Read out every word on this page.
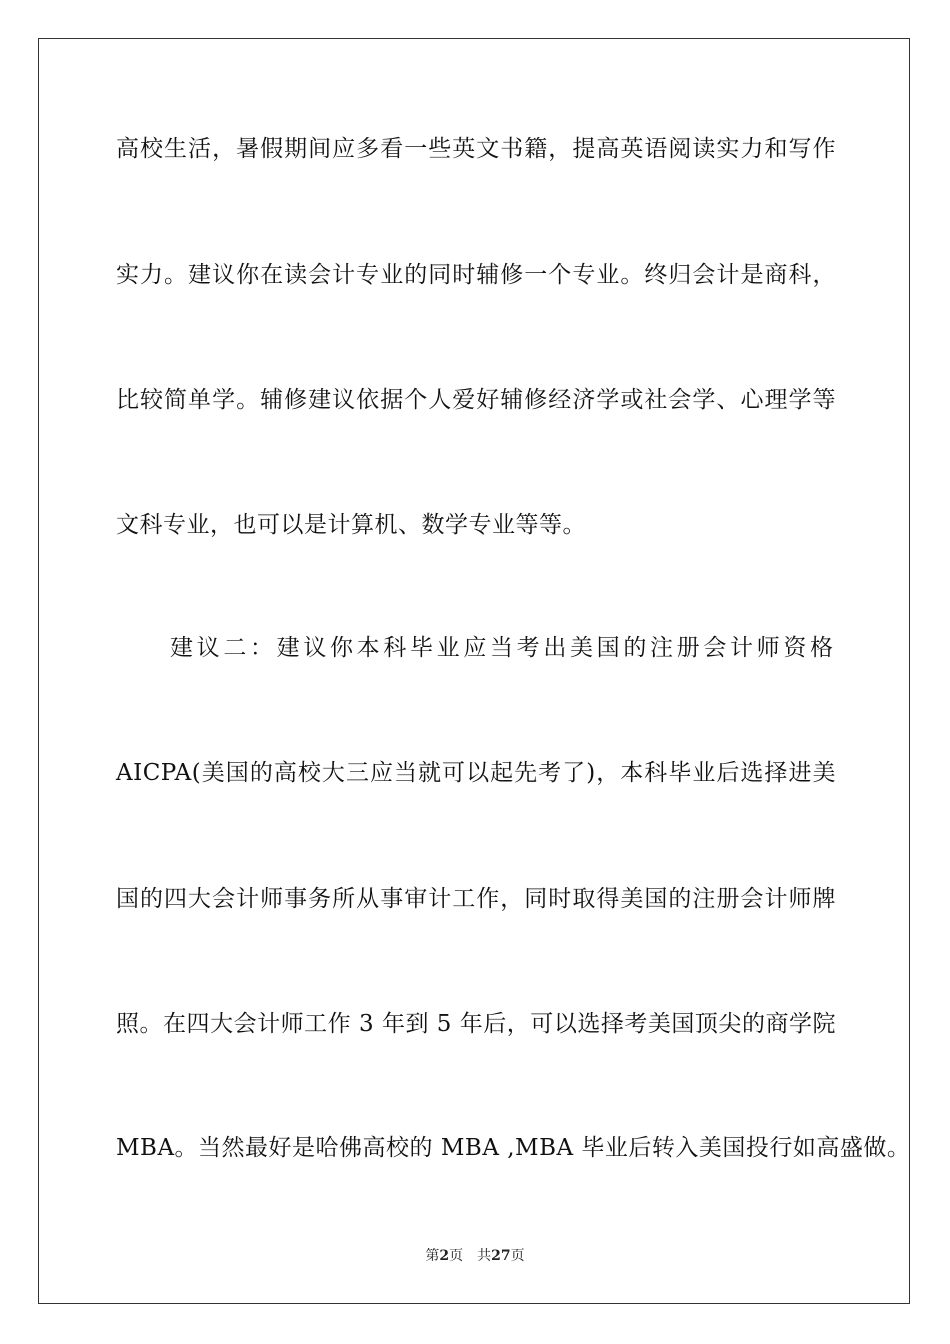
高校生活，暑假期间应多看一些英文书籍，提高英语阅读实力和写作
实力。建议你在读会计专业的同时辅修一个专业。终归会计是商科，
比较简单学。辅修建议依据个人爱好辅修经济学或社会学、心理学等
文科专业，也可以是计算机、数学专业等等。
建议二：建议你本科毕业应当考出美国的注册会计师资格
AICPA(美国的高校大三应当就可以起先考了)，本科毕业后选择进美
国的四大会计师事务所从事审计工作，同时取得美国的注册会计师牌
照。在四大会计师工作 3 年到 5 年后，可以选择考美国顶尖的商学院
MBA。当然最好是哈佛高校的 MBA ,MBA 毕业后转入美国投行如高盛做。
第2页 共27页
